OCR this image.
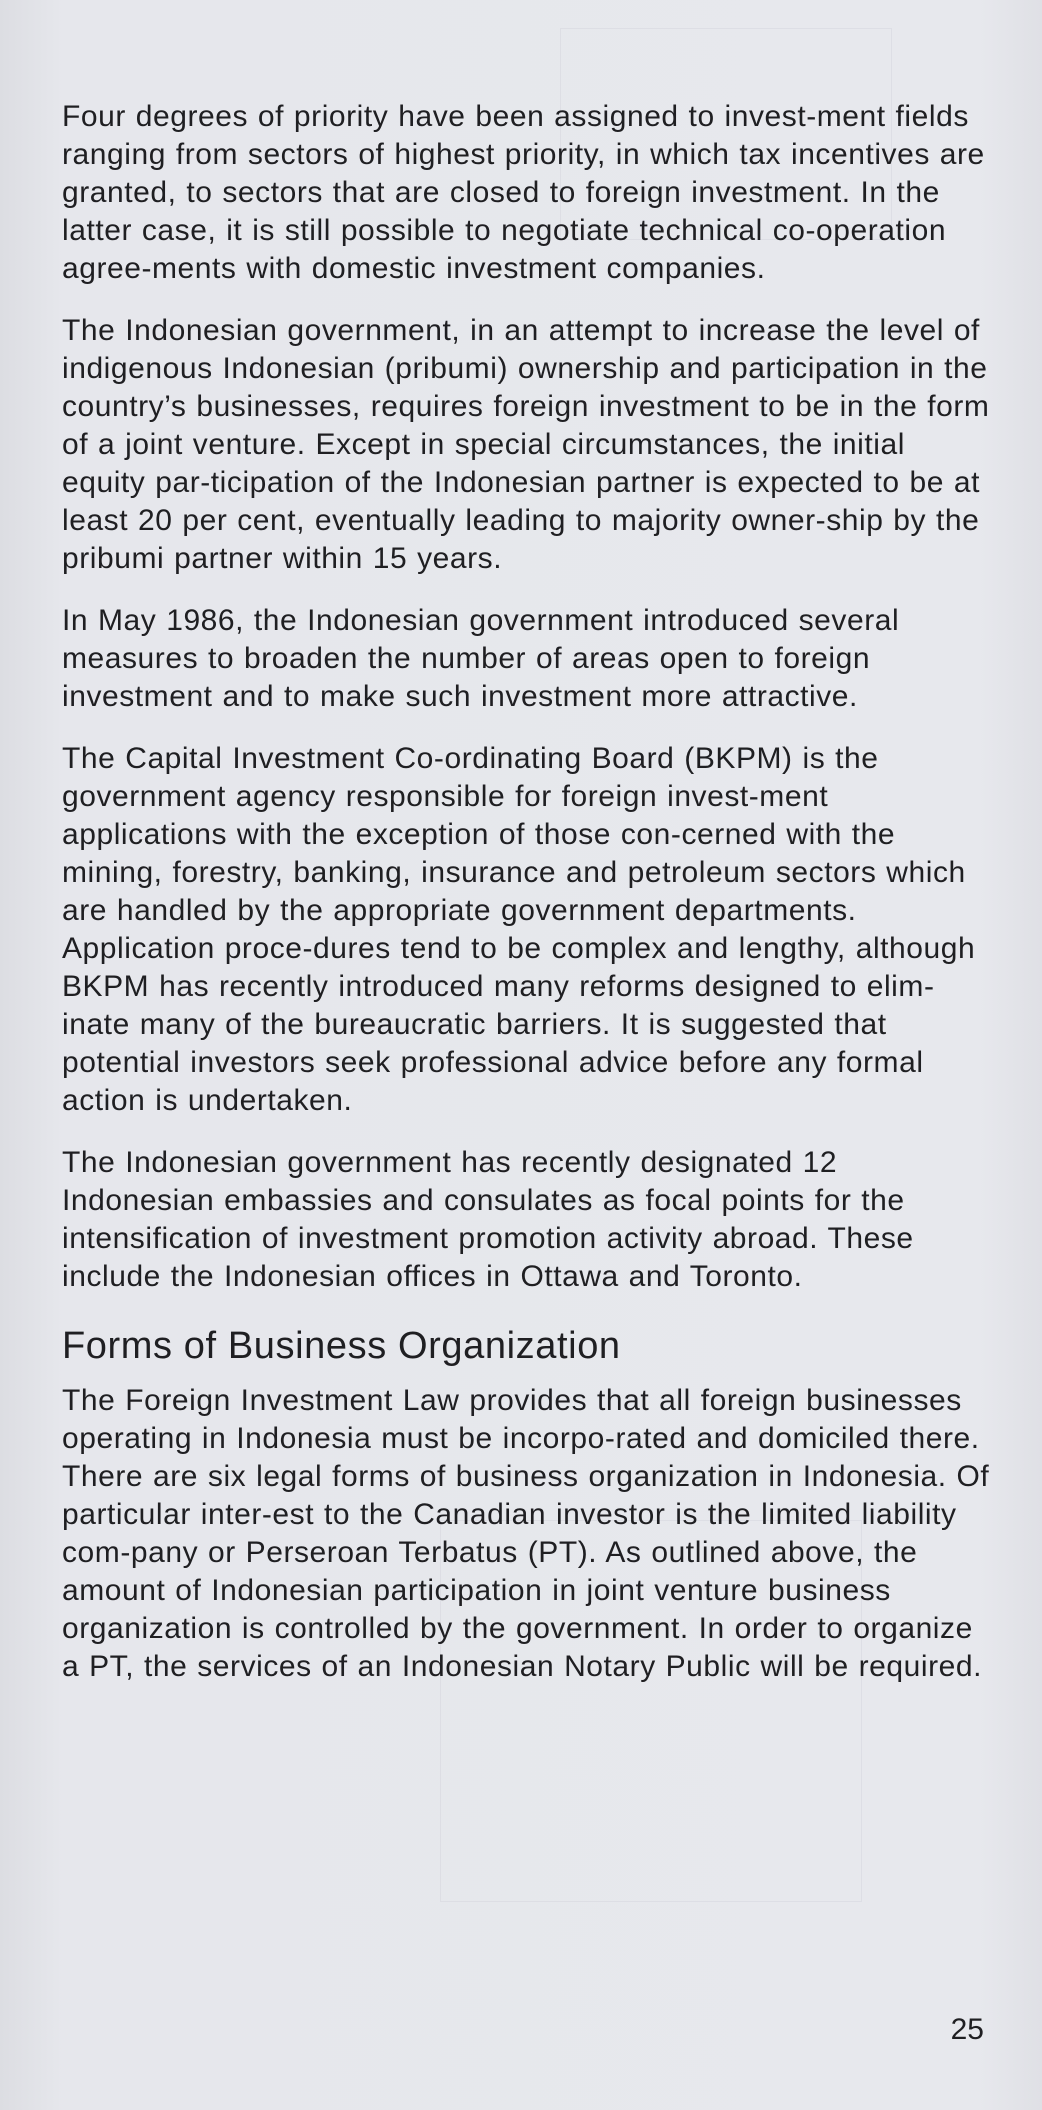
Four degrees of priority have been assigned to invest-ment fields ranging from sectors of highest priority, in which tax incentives are granted, to sectors that are closed to foreign investment. In the latter case, it is still possible to negotiate technical co-operation agree-ments with domestic investment companies.

The Indonesian government, in an attempt to increase the level of indigenous Indonesian (pribumi) ownership and participation in the country’s businesses, requires foreign investment to be in the form of a joint venture. Except in special circumstances, the initial equity par-ticipation of the Indonesian partner is expected to be at least 20 per cent, eventually leading to majority owner-ship by the pribumi partner within 15 years.

In May 1986, the Indonesian government introduced several measures to broaden the number of areas open to foreign investment and to make such investment more attractive.

The Capital Investment Co-ordinating Board (BKPM) is the government agency responsible for foreign invest-ment applications with the exception of those con-cerned with the mining, forestry, banking, insurance and petroleum sectors which are handled by the appropriate government departments. Application proce-dures tend to be complex and lengthy, although BKPM has recently introduced many reforms designed to elim-inate many of the bureaucratic barriers. It is suggested that potential investors seek professional advice before any formal action is undertaken.

The Indonesian government has recently designated 12 Indonesian embassies and consulates as focal points for the intensification of investment promotion activity abroad. These include the Indonesian offices in Ottawa and Toronto.

Forms of Business Organization

The Foreign Investment Law provides that all foreign businesses operating in Indonesia must be incorpo-rated and domiciled there. There are six legal forms of business organization in Indonesia. Of particular inter-est to the Canadian investor is the limited liability com-pany or Perseroan Terbatus (PT). As outlined above, the amount of Indonesian participation in joint venture business organization is controlled by the government. In order to organize a PT, the services of an Indonesian Notary Public will be required.

25
